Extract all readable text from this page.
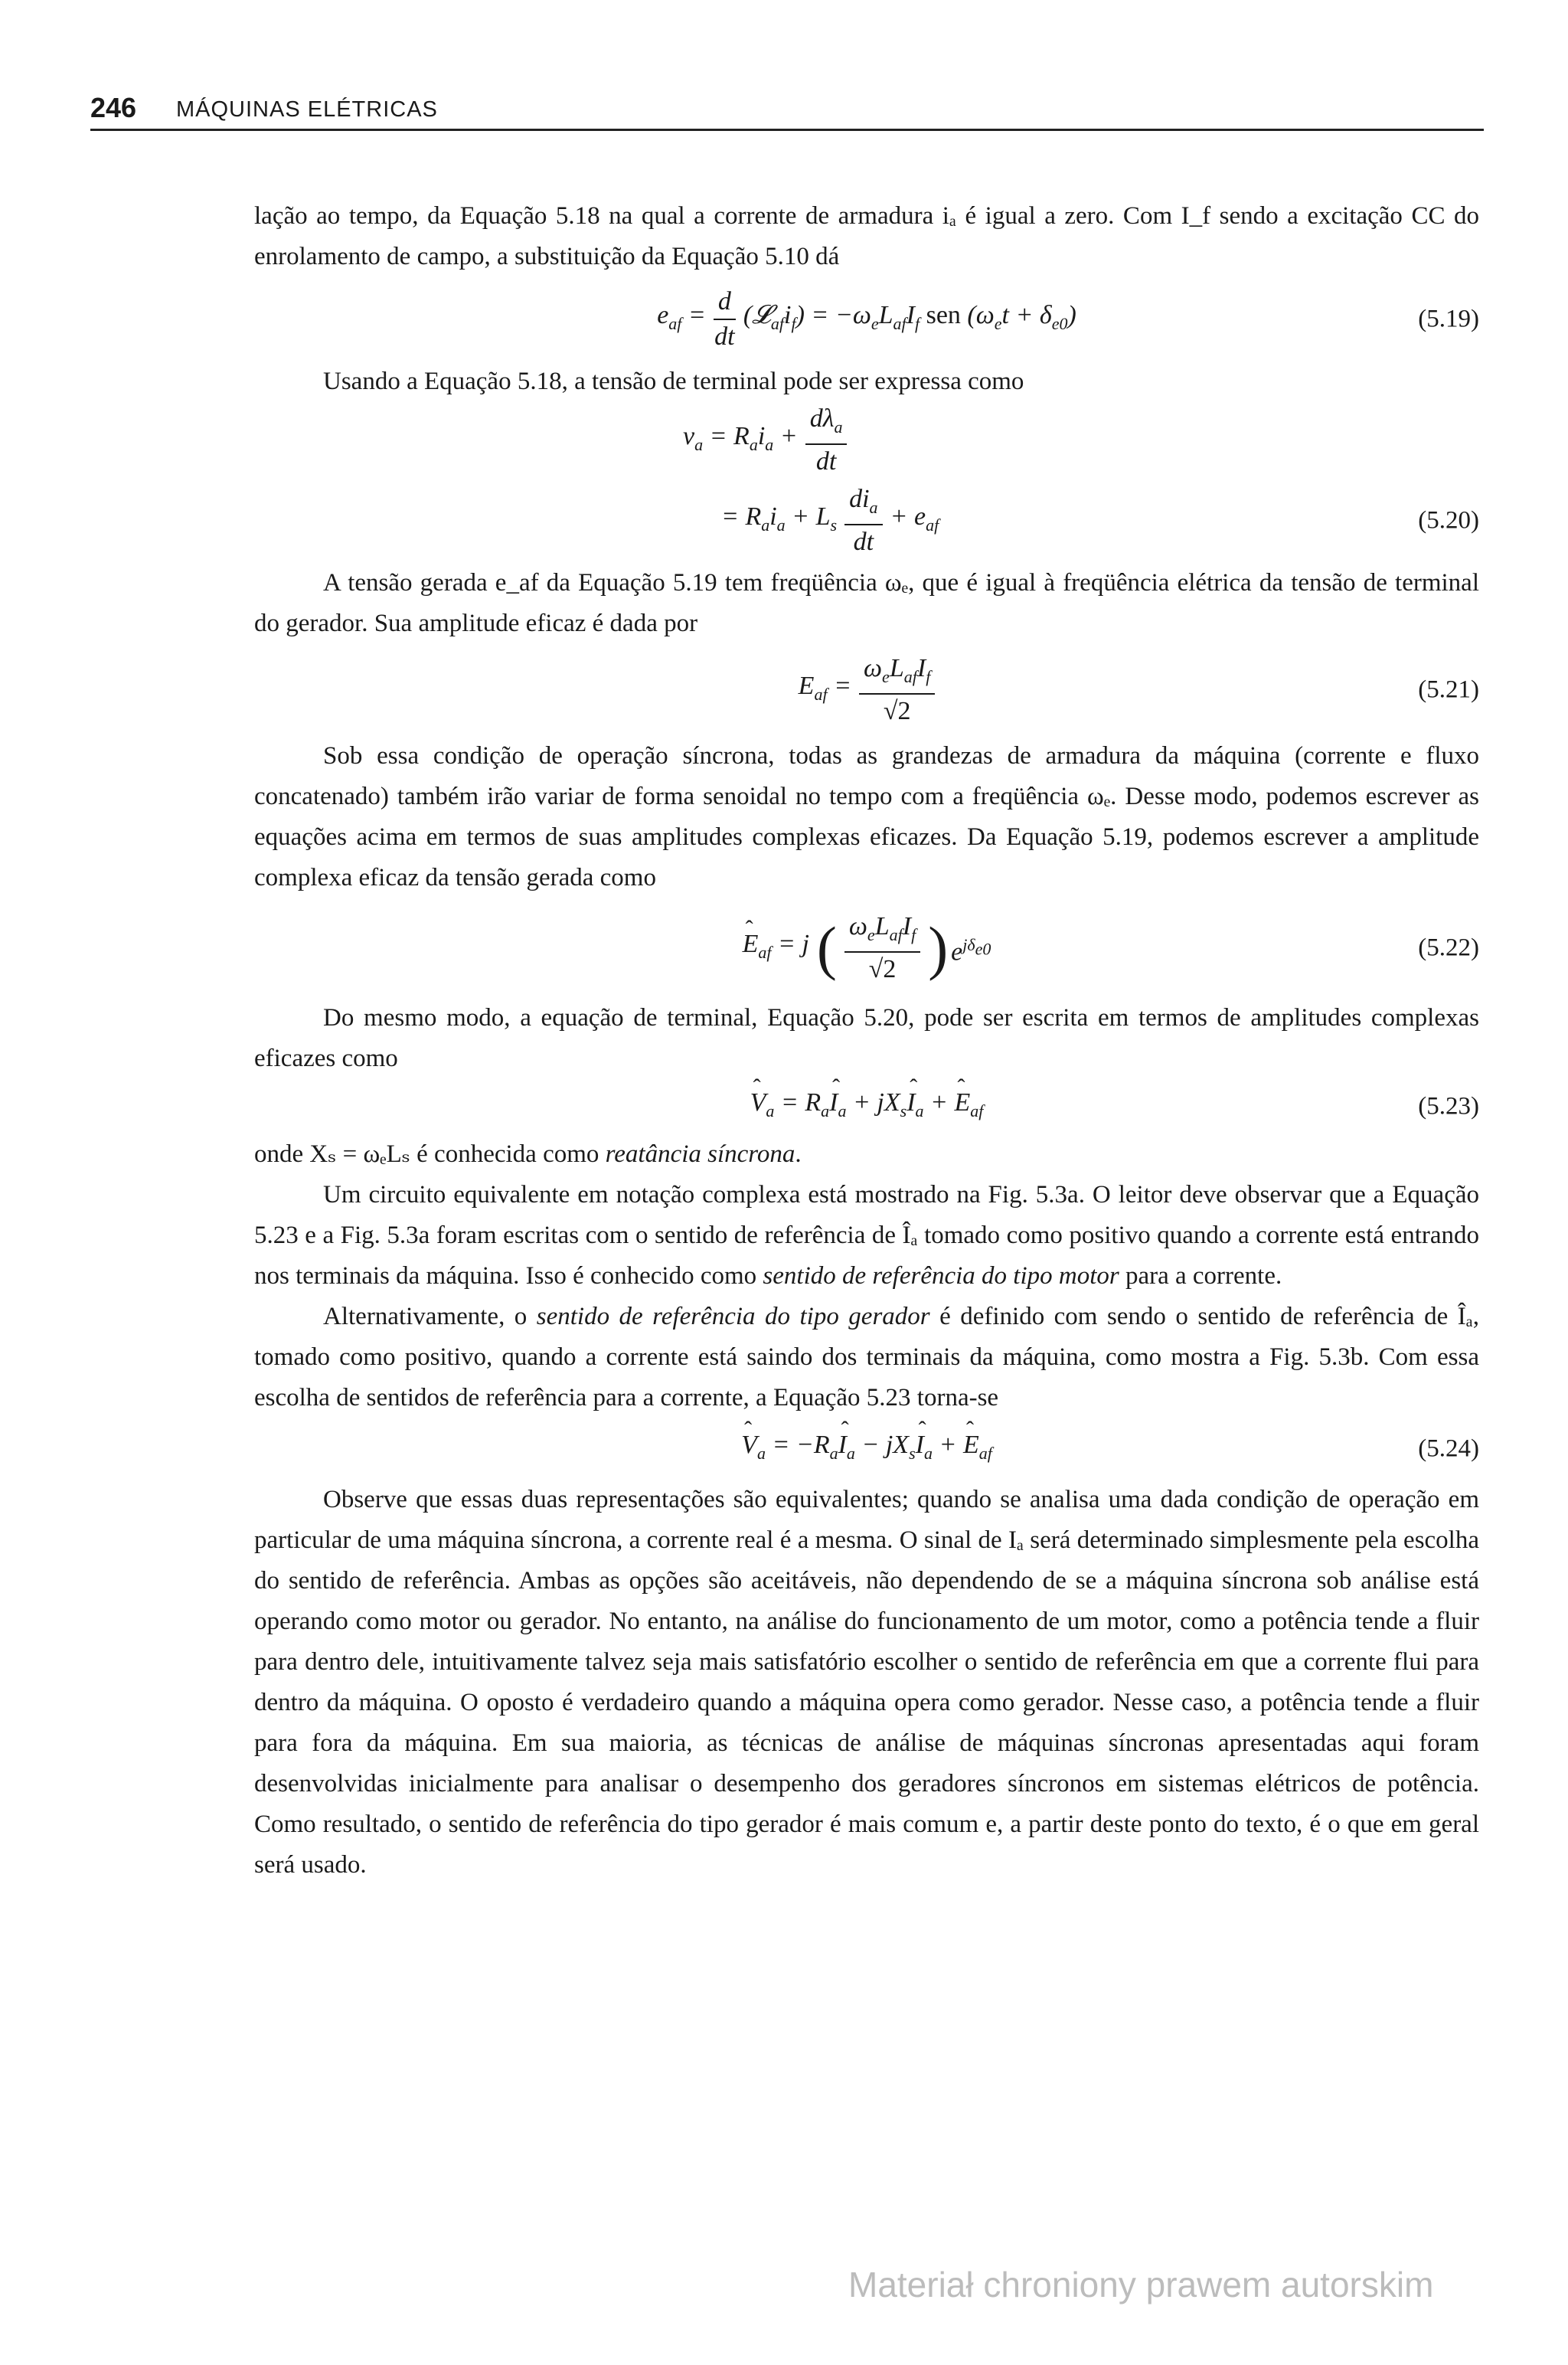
246 MÁQUINAS ELÉTRICAS

lação ao tempo, da Equação 5.18 na qual a corrente de armadura iₐ é igual a zero. Com I_f sendo a excitação CC do enrolamento de campo, a substituição da Equação 5.10 dá

$e_{af} = \frac{d}{dt}$ $(𝓛_{af}i_f) = -\omega_eL_{af}I_f$ sen $(\omega_et + \delta_{e0})$	(5.19)

Usando a Equação 5.18, a tensão de terminal pode ser expressa como

$v_a = R_ai_a + \frac{d\lambda_a}{dt}$
= $R_ai_a + L_s \frac{di_a}{dt} + e_{af}$	(5.20)

A tensão gerada e_af da Equação 5.19 tem freqüência ωₑ, que é igual à freqüência elétrica da tensão de terminal do gerador. Sua amplitude eficaz é dada por

$E_{af} = \frac{\omega_eL_{af}I_f}{√2}$	(5.21)

Sob essa condição de operação síncrona, todas as grandezas de armadura da máquina (corrente e fluxo concatenado) também irão variar de forma senoidal no tempo com a freqüência ωₑ. Desse modo, podemos escrever as equações acima em termos de suas amplitudes complexas eficazes. Da Equação 5.19, podemos escrever a amplitude complexa eficaz da tensão gerada como

ˆ $E_{af} = j$ ( $\frac{\omega_eL_{af}I_f}{√2}$ ) $e^{j\delta_{e0}}$	(5.22)

Do mesmo modo, a equação de terminal, Equação 5.20, pode ser escrita em termos de amplitudes complexas eficazes como

ˆ $V_a$ = $R_aˆ$ $I_a$ + $jX_sˆ$ $I_a$ + ˆ $E_{af}$	(5.23)

onde Xₛ = ωₑLₛ é conhecida como reatância síncrona.

Um circuito equivalente em notação complexa está mostrado na Fig. 5.3a. O leitor deve observar que a Equação 5.23 e a Fig. 5.3a foram escritas com o sentido de referência de Îₐ tomado como positivo quando a corrente está entrando nos terminais da máquina. Isso é conhecido como sentido de referência do tipo motor para a corrente.

Alternativamente, o sentido de referência do tipo gerador é definido com sendo o sentido de referência de Îₐ, tomado como positivo, quando a corrente está saindo dos terminais da máquina, como mostra a Fig. 5.3b. Com essa escolha de sentidos de referência para a corrente, a Equação 5.23 torna-se

ˆ $V_a$ = $-R_aˆ$ $I_a$ − $jX_sˆ$ $I_a$ + ˆ $E_{af}$	(5.24)

Observe que essas duas representações são equivalentes; quando se analisa uma dada condição de operação em particular de uma máquina síncrona, a corrente real é a mesma. O sinal de Iₐ será determinado simplesmente pela escolha do sentido de referência. Ambas as opções são aceitáveis, não dependendo de se a máquina síncrona sob análise está operando como motor ou gerador. No entanto, na análise do funcionamento de um motor, como a potência tende a fluir para dentro dele, intuitivamente talvez seja mais satisfatório escolher o sentido de referência em que a corrente flui para dentro da máquina. O oposto é verdadeiro quando a máquina opera como gerador. Nesse caso, a potência tende a fluir para fora da máquina. Em sua maioria, as técnicas de análise de máquinas síncronas apresentadas aqui foram desenvolvidas inicialmente para analisar o desempenho dos geradores síncronos em sistemas elétricos de potência. Como resultado, o sentido de referência do tipo gerador é mais comum e, a partir deste ponto do texto, é o que em geral será usado.

Materiał chroniony prawem autorskim
